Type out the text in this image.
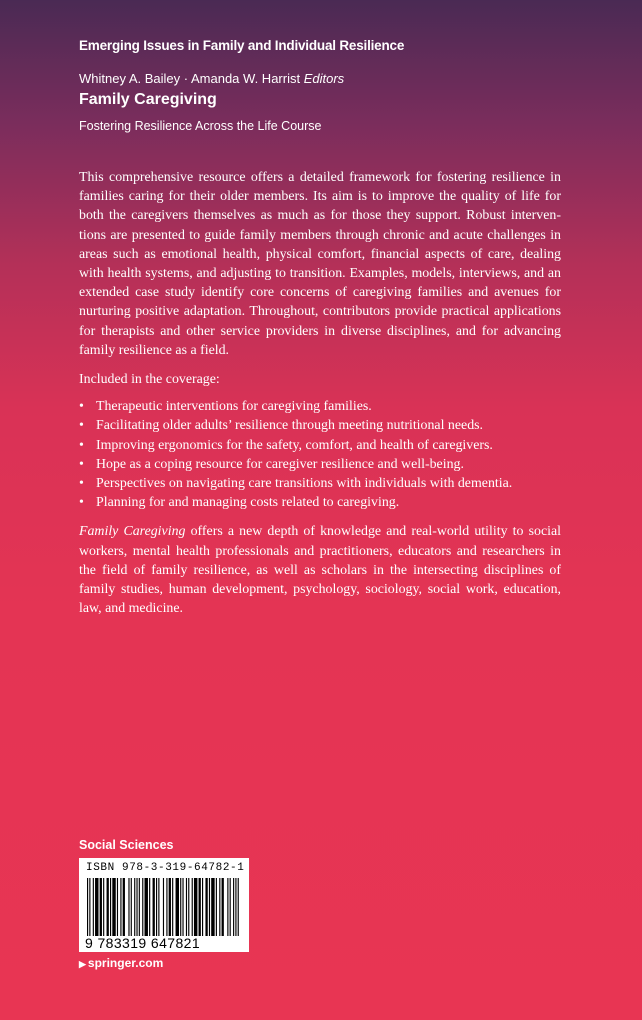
Emerging Issues in Family and Individual Resilience
Whitney A. Bailey · Amanda W. Harrist Editors
Family Caregiving
Fostering Resilience Across the Life Course

This comprehensive resource offers a detailed framework for fostering resilience in families caring for their older members. Its aim is to improve the quality of life for both the caregivers themselves as much as for those they support. Robust interventions are presented to guide family members through chronic and acute challenges in areas such as emotional health, physical comfort, financial aspects of care, dealing with health systems, and adjusting to transition. Examples, models, interviews, and an extended case study identify core concerns of caregiving families and avenues for nurturing positive adaptation. Throughout, contributors provide practical applications for therapists and other service providers in diverse disciplines, and for advancing family resilience as a field.

Included in the coverage:

• Therapeutic interventions for caregiving families.
• Facilitating older adults’ resilience through meeting nutritional needs.
• Improving ergonomics for the safety, comfort, and health of caregivers.
• Hope as a coping resource for caregiver resilience and well-being.
• Perspectives on navigating care transitions with individuals with dementia.
• Planning for and managing costs related to caregiving.

Family Caregiving offers a new depth of knowledge and real-world utility to social workers, mental health professionals and practitioners, educators and researchers in the field of family resilience, as well as scholars in the intersecting disciplines of family studies, human development, psychology, sociology, social work, education, law, and medicine.

Social Sciences
ISBN 978-3-319-64782-1
9 783319 647821
▶ springer.com
